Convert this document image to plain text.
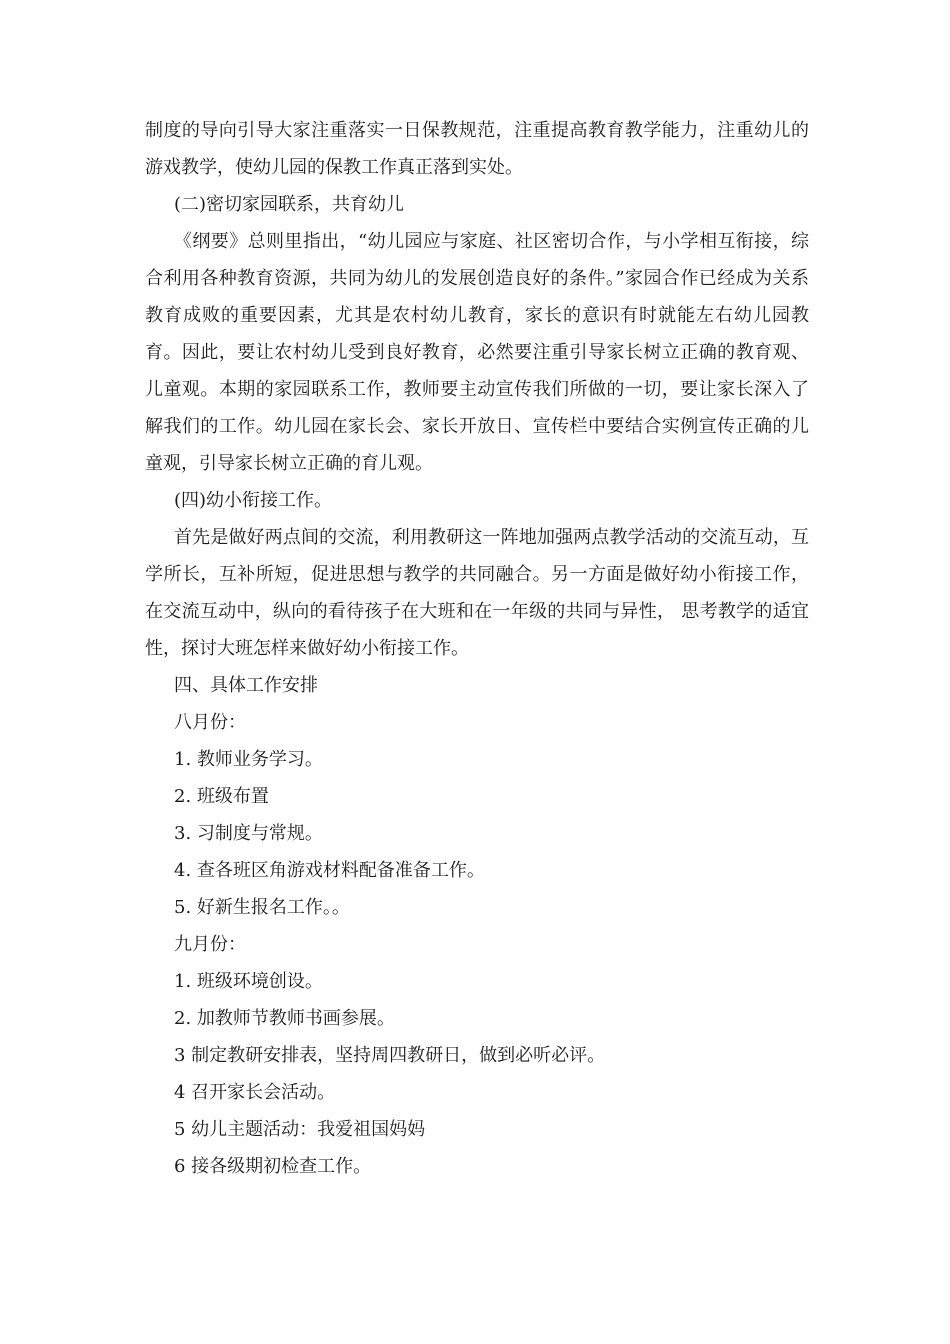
制度的导向引导大家注重落实一日保教规范，注重提高教育教学能力，注重幼儿的游戏教学，使幼儿园的保教工作真正落到实处。

(二)密切家园联系，共育幼儿

《纲要》总则里指出，“幼儿园应与家庭、社区密切合作，与小学相互衔接，综合利用各种教育资源，共同为幼儿的发展创造良好的条件。”家园合作已经成为关系教育成败的重要因素，尤其是农村幼儿教育，家长的意识有时就能左右幼儿园教育。因此，要让农村幼儿受到良好教育，必然要注重引导家长树立正确的教育观、儿童观。本期的家园联系工作，教师要主动宣传我们所做的一切，要让家长深入了解我们的工作。幼儿园在家长会、家长开放日、宣传栏中要结合实例宣传正确的儿童观，引导家长树立正确的育儿观。

(四)幼小衔接工作。

首先是做好两点间的交流，利用教研这一阵地加强两点教学活动的交流互动，互学所长，互补所短，促进思想与教学的共同融合。另一方面是做好幼小衔接工作，在交流互动中，纵向的看待孩子在大班和在一年级的共同与异性， 思考教学的适宜性，探讨大班怎样来做好幼小衔接工作。

四、具体工作安排

八月份：

1. 教师业务学习。

2. 班级布置

3. 习制度与常规。

4. 查各班区角游戏材料配备准备工作。

5. 好新生报名工作。。

九月份：

1. 班级环境创设。

2. 加教师节教师书画参展。

3 制定教研安排表，坚持周四教研日，做到必听必评。

4 召开家长会活动。

5 幼儿主题活动：我爱祖国妈妈

6 接各级期初检查工作。
